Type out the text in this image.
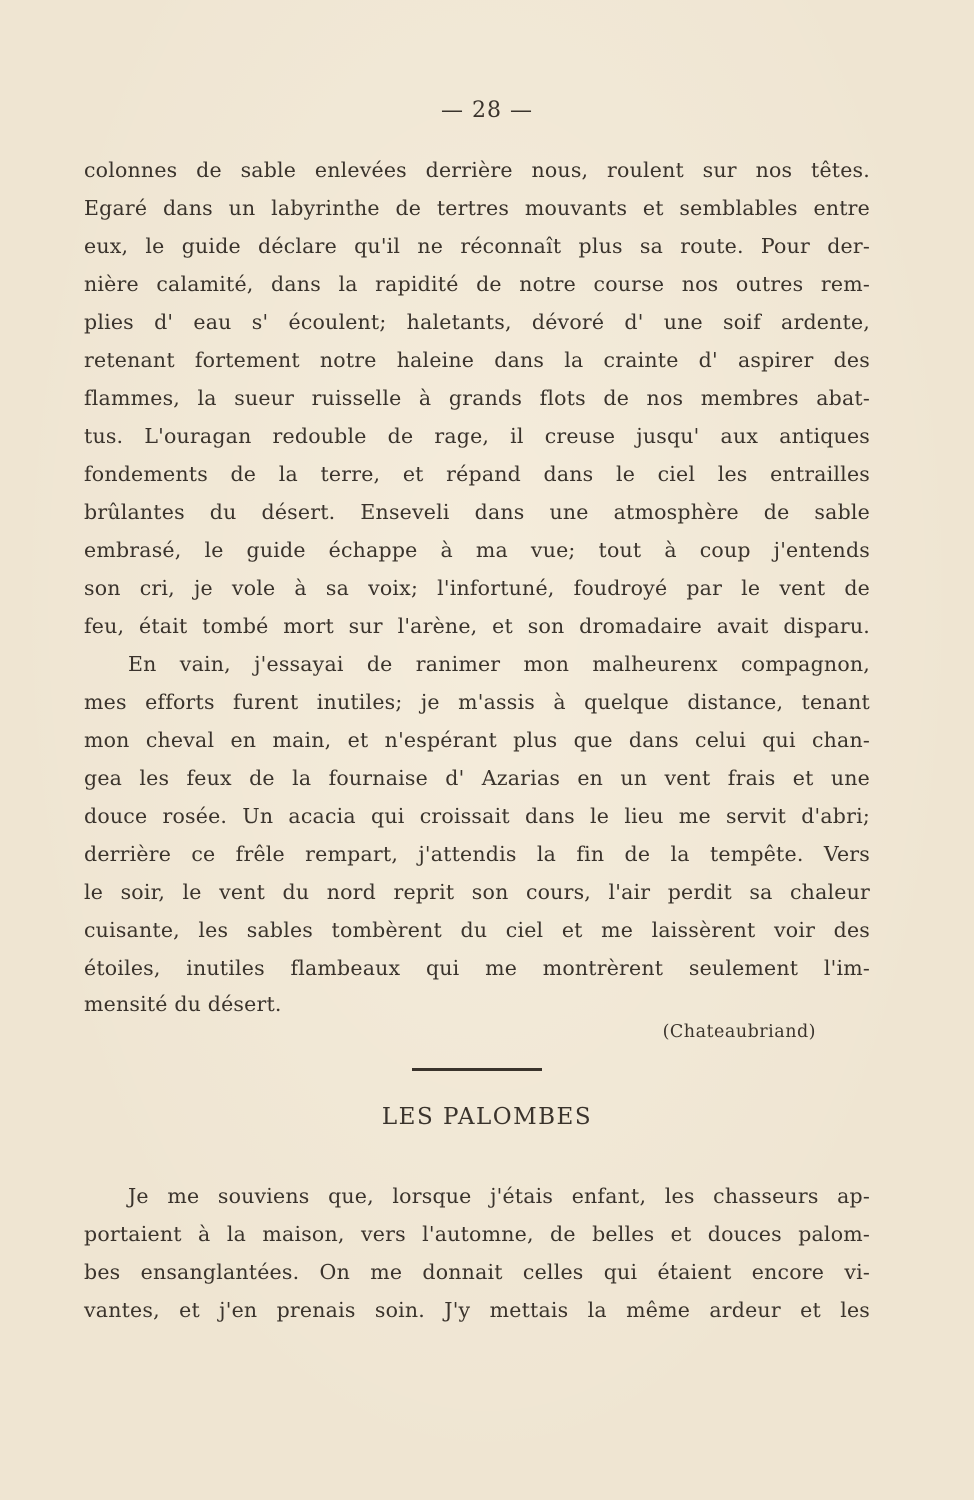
— 28 —
colonnes de sable enlevées derrière nous, roulent sur nos têtes.
Egaré dans un labyrinthe de tertres mouvants et semblables entre
eux, le guide déclare qu'il ne réconnaît plus sa route. Pour der-
nière calamité, dans la rapidité de notre course nos outres rem-
plies d' eau s' écoulent; haletants, dévoré d' une soif ardente,
retenant fortement notre haleine dans la crainte d' aspirer des
flammes, la sueur ruisselle à grands flots de nos membres abat-
tus. L'ouragan redouble de rage, il creuse jusqu' aux antiques
fondements de la terre, et répand dans le ciel les entrailles
brûlantes du désert. Enseveli dans une atmosphère de sable
embrasé, le guide échappe à ma vue; tout à coup j'entends
son cri, je vole à sa voix; l'infortuné, foudroyé par le vent de
feu, était tombé mort sur l'arène, et son dromadaire avait disparu.
En vain, j'essayai de ranimer mon malheurenx compagnon,
mes efforts furent inutiles; je m'assis à quelque distance, tenant
mon cheval en main, et n'espérant plus que dans celui qui chan-
gea les feux de la fournaise d' Azarias en un vent frais et une
douce rosée. Un acacia qui croissait dans le lieu me servit d'abri;
derrière ce frêle rempart, j'attendis la fin de la tempête. Vers
le soir, le vent du nord reprit son cours, l'air perdit sa chaleur
cuisante, les sables tombèrent du ciel et me laissèrent voir des
étoiles, inutiles flambeaux qui me montrèrent seulement l'im-
mensité du désert.
(Chateaubriand)
LES PALOMBES
Je me souviens que, lorsque j'étais enfant, les chasseurs ap-
portaient à la maison, vers l'automne, de belles et douces palom-
bes ensanglantées. On me donnait celles qui étaient encore vi-
vantes, et j'en prenais soin. J'y mettais la même ardeur et les
